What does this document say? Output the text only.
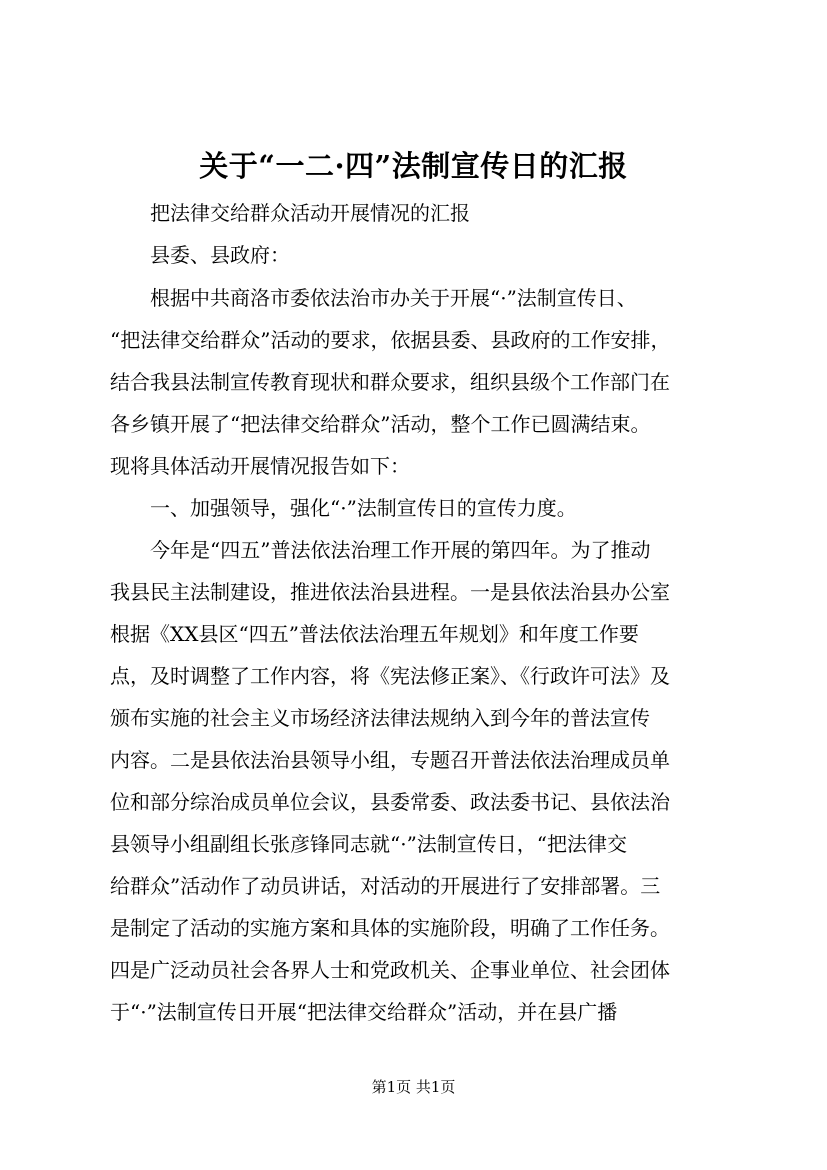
关于“一二·四”法制宣传日的汇报
把法律交给群众活动开展情况的汇报
县委、县政府：
根据中共商洛市委依法治市办关于开展“·”法制宣传日、
“把法律交给群众”活动的要求，依据县委、县政府的工作安排，
结合我县法制宣传教育现状和群众要求，组织县级个工作部门在
各乡镇开展了“把法律交给群众”活动，整个工作已圆满结束。
现将具体活动开展情况报告如下：
一、加强领导，强化“·”法制宣传日的宣传力度。
今年是“四五”普法依法治理工作开展的第四年。为了推动
我县民主法制建设，推进依法治县进程。一是县依法治县办公室
根据《XX县区“四五”普法依法治理五年规划》和年度工作要
点，及时调整了工作内容，将《宪法修正案》、《行政许可法》及
颁布实施的社会主义市场经济法律法规纳入到今年的普法宣传
内容。二是县依法治县领导小组，专题召开普法依法治理成员单
位和部分综治成员单位会议，县委常委、政法委书记、县依法治
县领导小组副组长张彦锋同志就“·”法制宣传日，“把法律交
给群众”活动作了动员讲话，对活动的开展进行了安排部署。三
是制定了活动的实施方案和具体的实施阶段，明确了工作任务。
四是广泛动员社会各界人士和党政机关、企事业单位、社会团体
于“·”法制宣传日开展“把法律交给群众”活动，并在县广播
第1页 共1页
